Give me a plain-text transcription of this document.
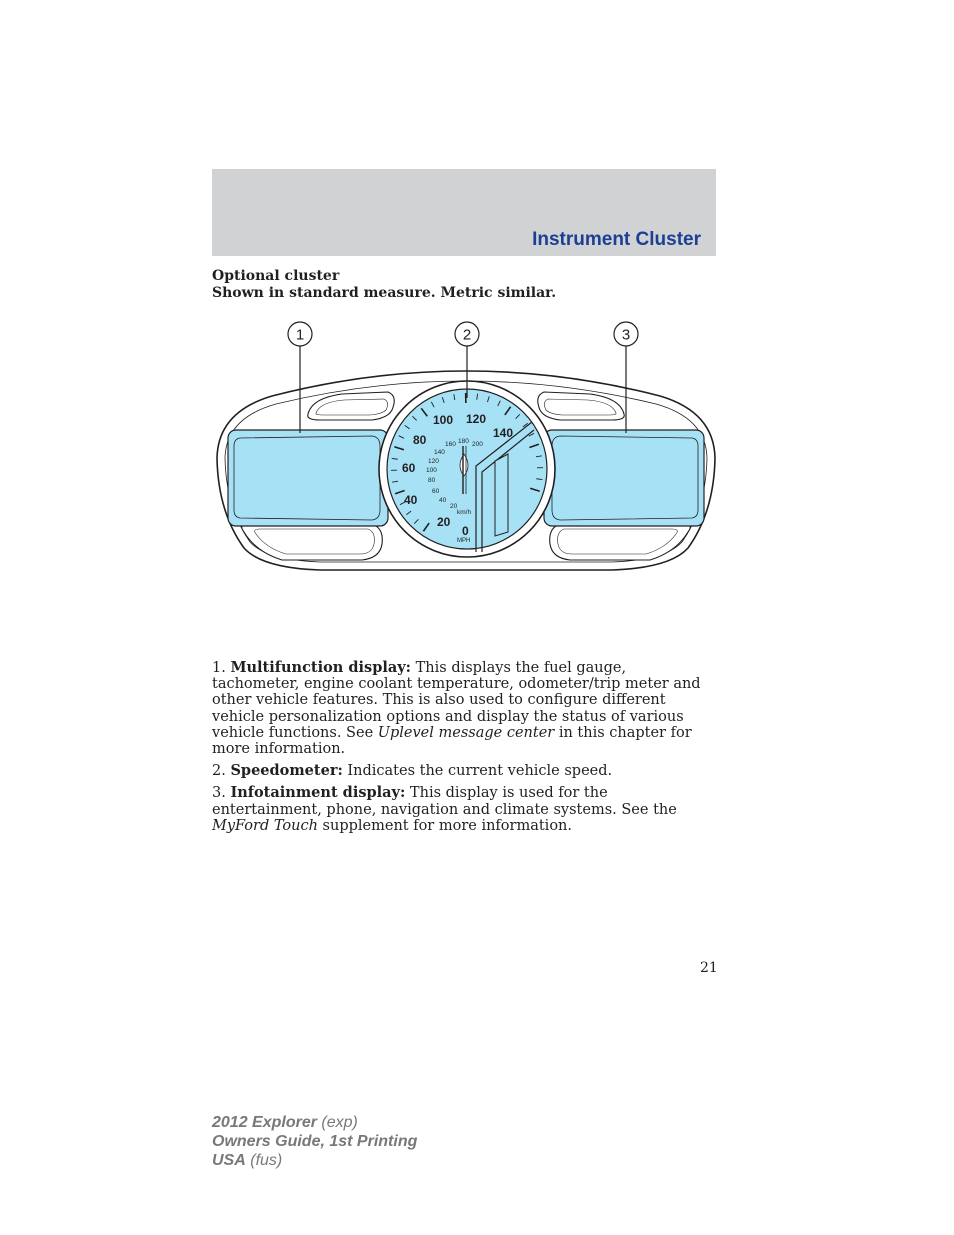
Instrument Cluster
Optional cluster
Shown in standard measure. Metric similar.
20
40
60
80
100 120
140
0
MPH
20
40
60
80
100
120
140
160 180 200
km/h
1	2	3

1. Multifunction display: This displays the fuel gauge, tachometer, engine coolant temperature, odometer/trip meter and other vehicle features. This is also used to configure different vehicle personalization options and display the status of various vehicle functions. See Uplevel message center in this chapter for more information.

2. Speedometer: Indicates the current vehicle speed.

3. Infotainment display: This display is used for the entertainment, phone, navigation and climate systems. See the MyFord Touch supplement for more information.

21
2012 Explorer (exp)
Owners Guide, 1st Printing
USA (fus)
